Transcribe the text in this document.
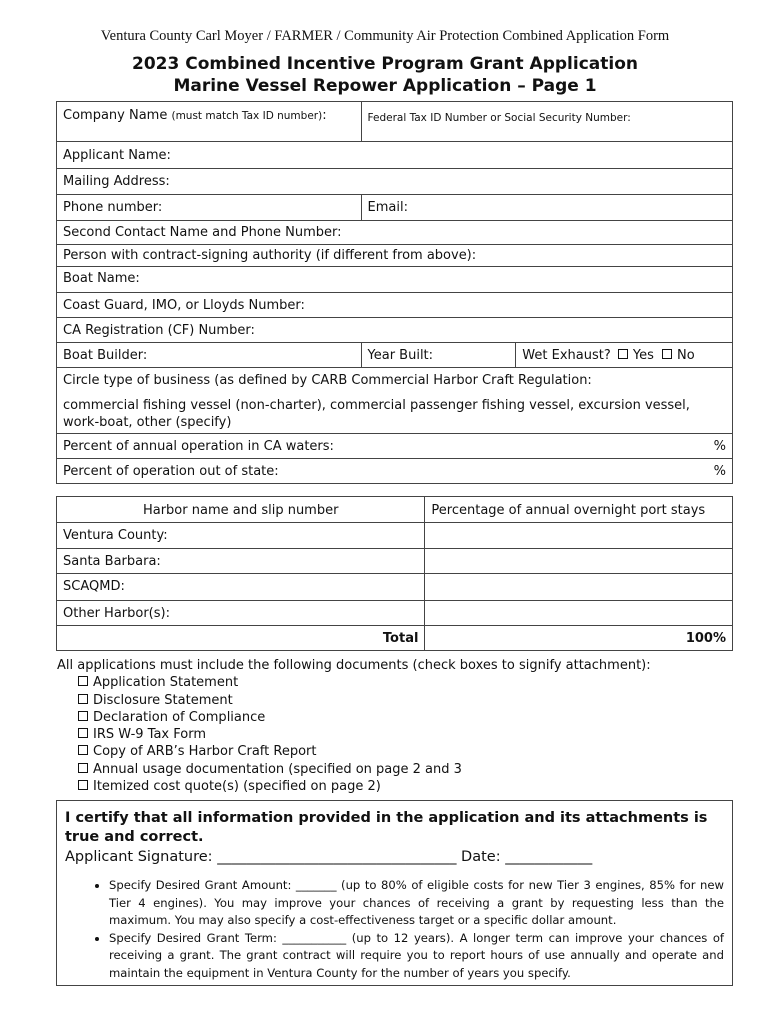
Ventura County Carl Moyer / FARMER / Community Air Protection Combined Application Form
2023 Combined Incentive Program Grant Application
Marine Vessel Repower Application – Page 1
Company Name (must match Tax ID number):	Federal Tax ID Number or Social Security Number:	
Applicant Name:		
Mailing Address:		
Phone number:	Email:	
Second Contact Name and Phone Number:		
Person with contract-signing authority (if different from above):		
Boat Name:		
Coast Guard, IMO, or Lloyds Number:		
CA Registration (CF) Number:		
Boat Builder:	Year Built:	Wet Exhaust? Yes No

Circle type of business (as defined by CARB Commercial Harbor Craft Regulation:
commercial fishing vessel (non-charter), commercial passenger fishing vessel, excursion vessel, work-boat, other (specify)		

Percent of annual operation in CA waters: %		

Percent of operation out of state: %		
Harbor name and slip number	Percentage of annual overnight port stays
Ventura County:	
Santa Barbara:	
SCAQMD:	
Other Harbor(s):	
Total	100%
All applications must include the following documents (check boxes to signify attachment):
Application Statement
Disclosure Statement
Declaration of Compliance
IRS W-9 Tax Form
Copy of ARB’s Harbor Craft Report
Annual usage documentation (specified on page 2 and 3
Itemized cost quote(s) (specified on page 2)
I certify that all information provided in the application and its attachments is true and correct.
Applicant Signature: _________________________________ Date: ____________
• Specify Desired Grant Amount: _______ (up to 80% of eligible costs for new Tier 3 engines, 85% for new Tier 4 engines). You may improve your chances of receiving a grant by requesting less than the maximum. You may also specify a cost-effectiveness target or a specific dollar amount.
• Specify Desired Grant Term: ___________ (up to 12 years). A longer term can improve your chances of receiving a grant. The grant contract will require you to report hours of use annually and operate and maintain the equipment in Ventura County for the number of years you specify.
